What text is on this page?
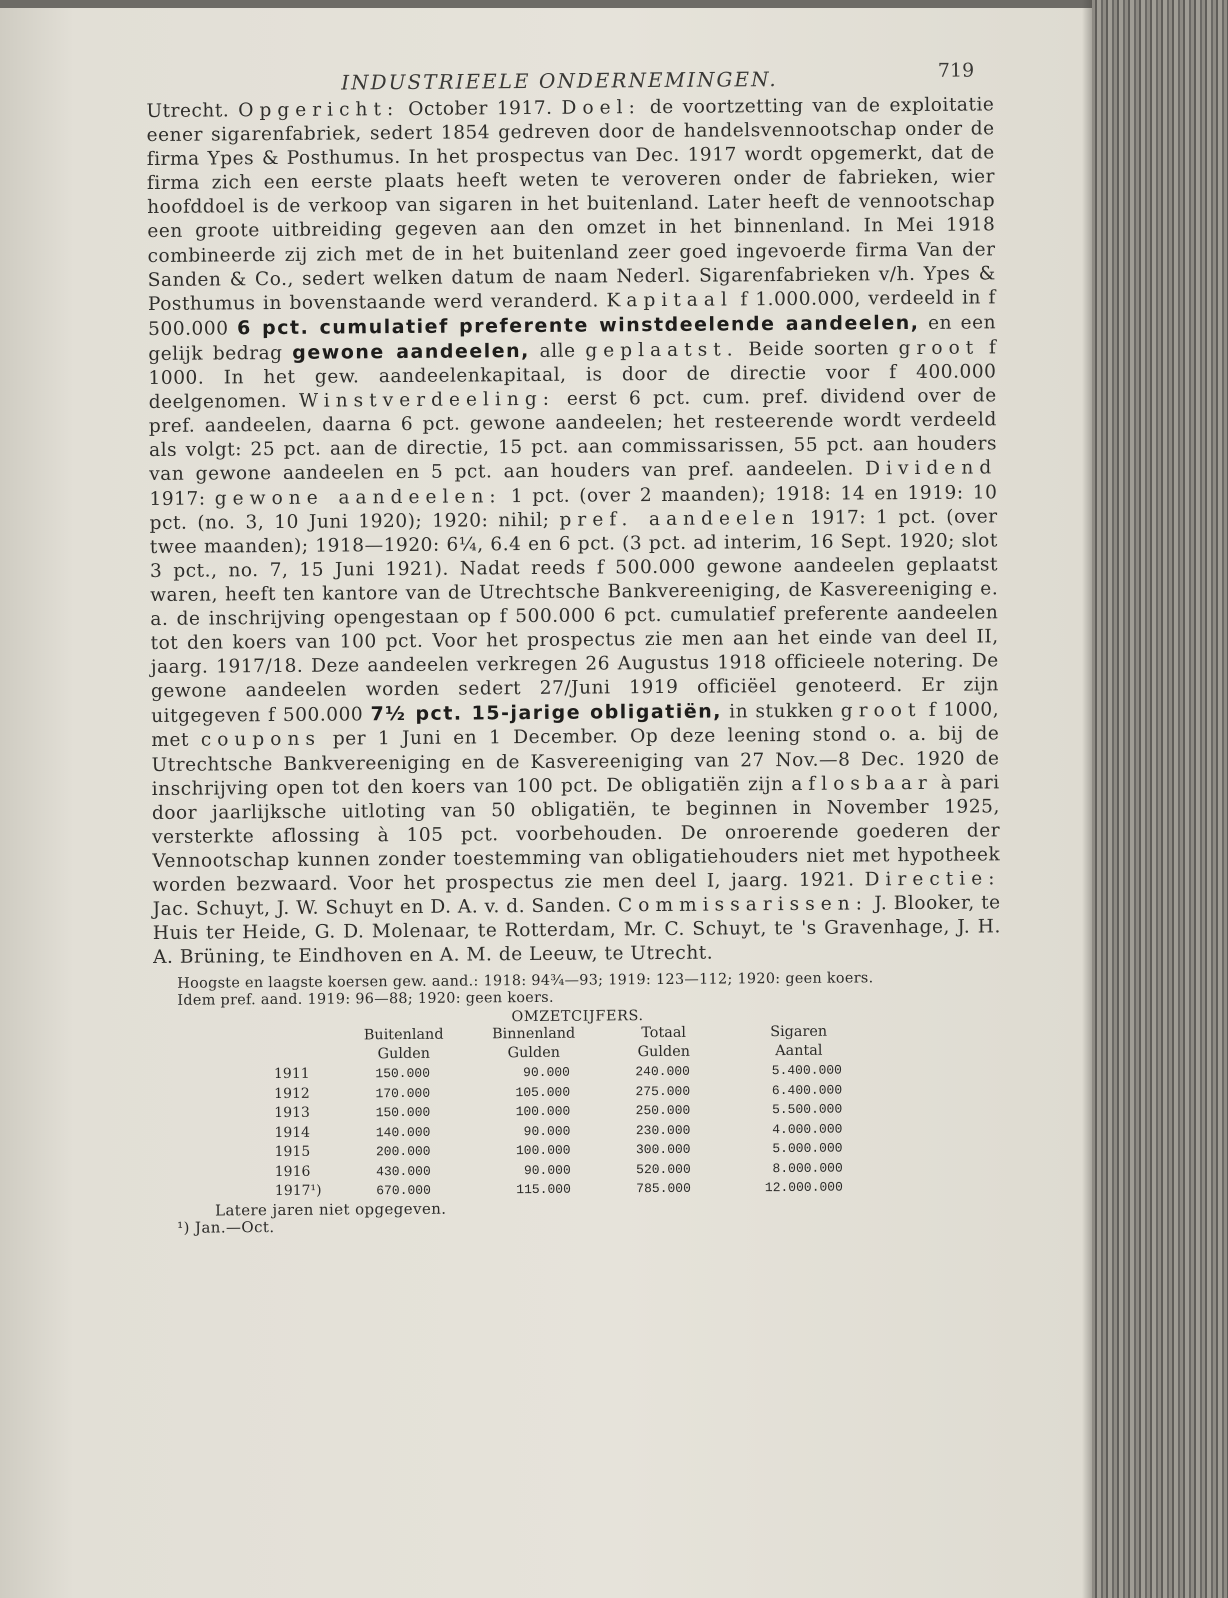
INDUSTRIEELE ONDERNEMINGEN.	719

Utrecht. Opgericht: October 1917. Doel: de voortzetting van de exploitatie eener sigarenfabriek, sedert 1854 gedreven door de handelsvennootschap onder de firma Ypes & Posthumus. In het prospectus van Dec. 1917 wordt opgemerkt, dat de firma zich een eerste plaats heeft weten te veroveren onder de fabrieken, wier hoofddoel is de verkoop van sigaren in het buitenland. Later heeft de vennootschap een groote uitbreiding gegeven aan den omzet in het binnenland. In Mei 1918 combineerde zij zich met de in het buitenland zeer goed ingevoerde firma Van der Sanden & Co., sedert welken datum de naam Nederl. Sigarenfabrieken v/h. Ypes & Posthumus in bovenstaande werd veranderd. Kapitaal f 1.000.000, verdeeld in f 500.000 6 pct. cumulatief preferente winstdeelende aandeelen, en een gelijk bedrag gewone aandeelen, alle geplaatst. Beide soorten groot f 1000. In het gew. aandeelenkapitaal, is door de directie voor f 400.000 deelgenomen. Winstverdeeling: eerst 6 pct. cum. pref. dividend over de pref. aandeelen, daarna 6 pct. gewone aandeelen; het resteerende wordt verdeeld als volgt: 25 pct. aan de directie, 15 pct. aan commissarissen, 55 pct. aan houders van gewone aandeelen en 5 pct. aan houders van pref. aandeelen. Dividend 1917: gewone aandeelen: 1 pct. (over 2 maanden); 1918: 14 en 1919: 10 pct. (no. 3, 10 Juni 1920); 1920: nihil; pref. aandeelen 1917: 1 pct. (over twee maanden); 1918—1920: 6¼, 6.4 en 6 pct. (3 pct. ad interim, 16 Sept. 1920; slot 3 pct., no. 7, 15 Juni 1921). Nadat reeds f 500.000 gewone aandeelen geplaatst waren, heeft ten kantore van de Utrechtsche Bankvereeniging, de Kasvereeniging e. a. de inschrijving opengestaan op f 500.000 6 pct. cumulatief preferente aandeelen tot den koers van 100 pct. Voor het prospectus zie men aan het einde van deel II, jaarg. 1917/18. Deze aandeelen verkregen 26 Augustus 1918 officieele notering. De gewone aandeelen worden sedert 27/Juni 1919 officiëel genoteerd. Er zijn uitgegeven f 500.000 7½ pct. 15-jarige obligatiën, in stukken groot f 1000, met coupons per 1 Juni en 1 December. Op deze leening stond o. a. bij de Utrechtsche Bankvereeniging en de Kasvereeniging van 27 Nov.—8 Dec. 1920 de inschrijving open tot den koers van 100 pct. De obligatiën zijn aflosbaar à pari door jaarlijksche uitloting van 50 obligatiën, te beginnen in November 1925, versterkte aflossing à 105 pct. voorbehouden. De onroerende goederen der Vennootschap kunnen zonder toestemming van obligatiehouders niet met hypotheek worden bezwaard. Voor het prospectus zie men deel I, jaarg. 1921. Directie: Jac. Schuyt, J. W. Schuyt en D. A. v. d. Sanden. Commissarissen: J. Blooker, te Huis ter Heide, G. D. Molenaar, te Rotterdam, Mr. C. Schuyt, te 's Gravenhage, J. H. A. Brüning, te Eindhoven en A. M. de Leeuw, te Utrecht.

Hoogste en laagste koersen gew. aand.: 1918: 94¾—93; 1919: 123—112; 1920: geen koers.
Idem pref. aand. 1919: 96—88; 1920: geen koers.
OMZETCIJFERS.
	Buitenland	Binnenland	Totaal	Sigaren
	Gulden	Gulden	Gulden	Aantal
1911	150.000	90.000	240.000	5.400.000
1912	170.000	105.000	275.000	6.400.000
1913	150.000	100.000	250.000	5.500.000
1914	140.000	90.000	230.000	4.000.000
1915	200.000	100.000	300.000	5.000.000
1916	430.000	90.000	520.000	8.000.000
1917¹)	670.000	115.000	785.000	12.000.000
Latere jaren niet opgegeven.
¹) Jan.—Oct.
